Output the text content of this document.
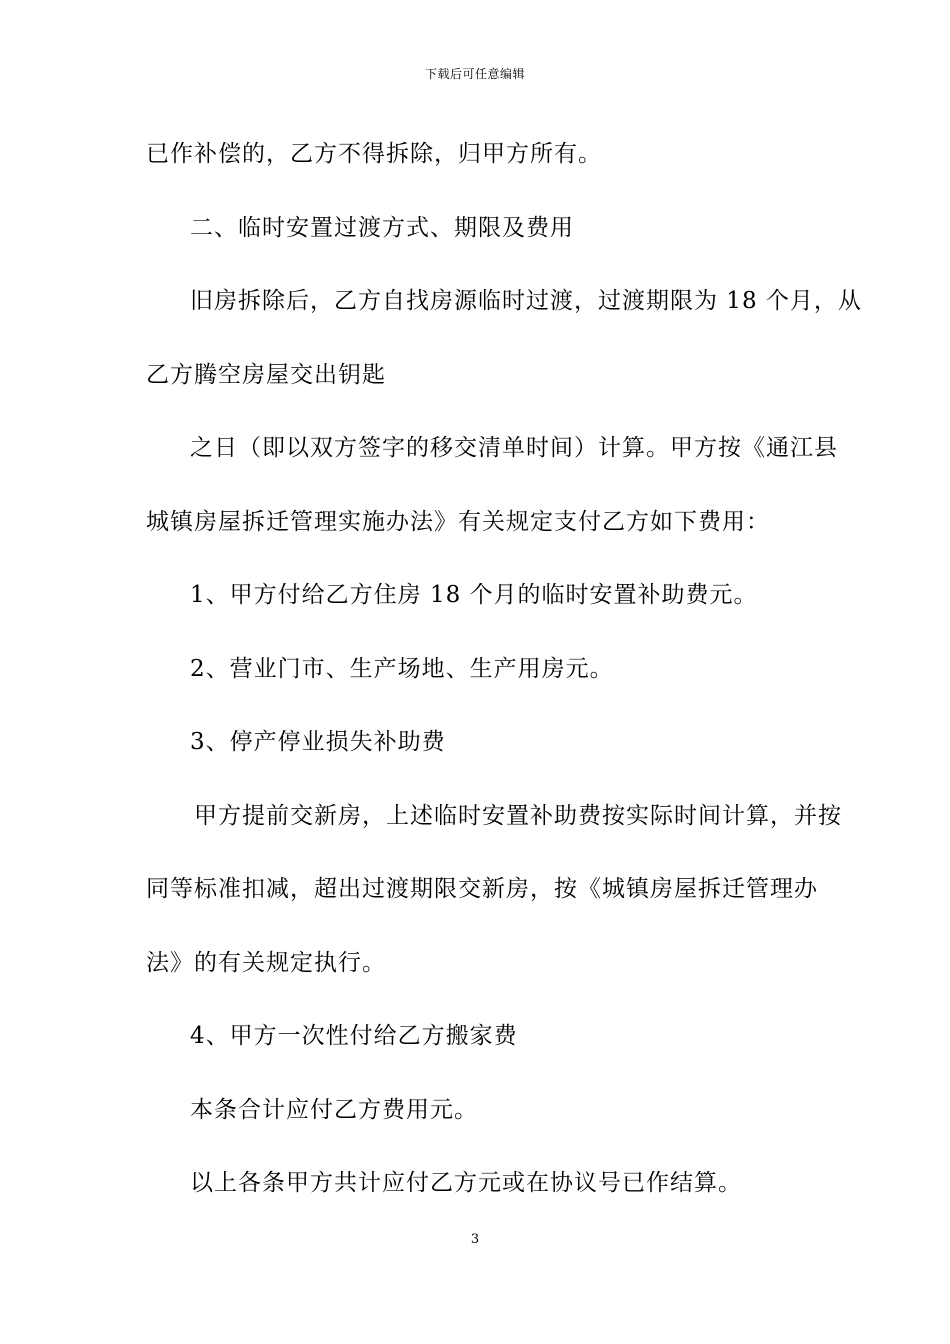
下载后可任意编辑
已作补偿的，乙方不得拆除，归甲方所有。
二、临时安置过渡方式、期限及费用
旧房拆除后，乙方自找房源临时过渡，过渡期限为 18 个月，从
乙方腾空房屋交出钥匙
之日（即以双方签字的移交清单时间）计算。甲方按《通江县
城镇房屋拆迁管理实施办法》有关规定支付乙方如下费用：
1、甲方付给乙方住房 18 个月的临时安置补助费元。
2、营业门市、生产场地、生产用房元。
3、停产停业损失补助费
甲方提前交新房，上述临时安置补助费按实际时间计算，并按
同等标准扣减，超出过渡期限交新房，按《城镇房屋拆迁管理办
法》的有关规定执行。
4、甲方一次性付给乙方搬家费
本条合计应付乙方费用元。
以上各条甲方共计应付乙方元或在协议号已作结算。
3
